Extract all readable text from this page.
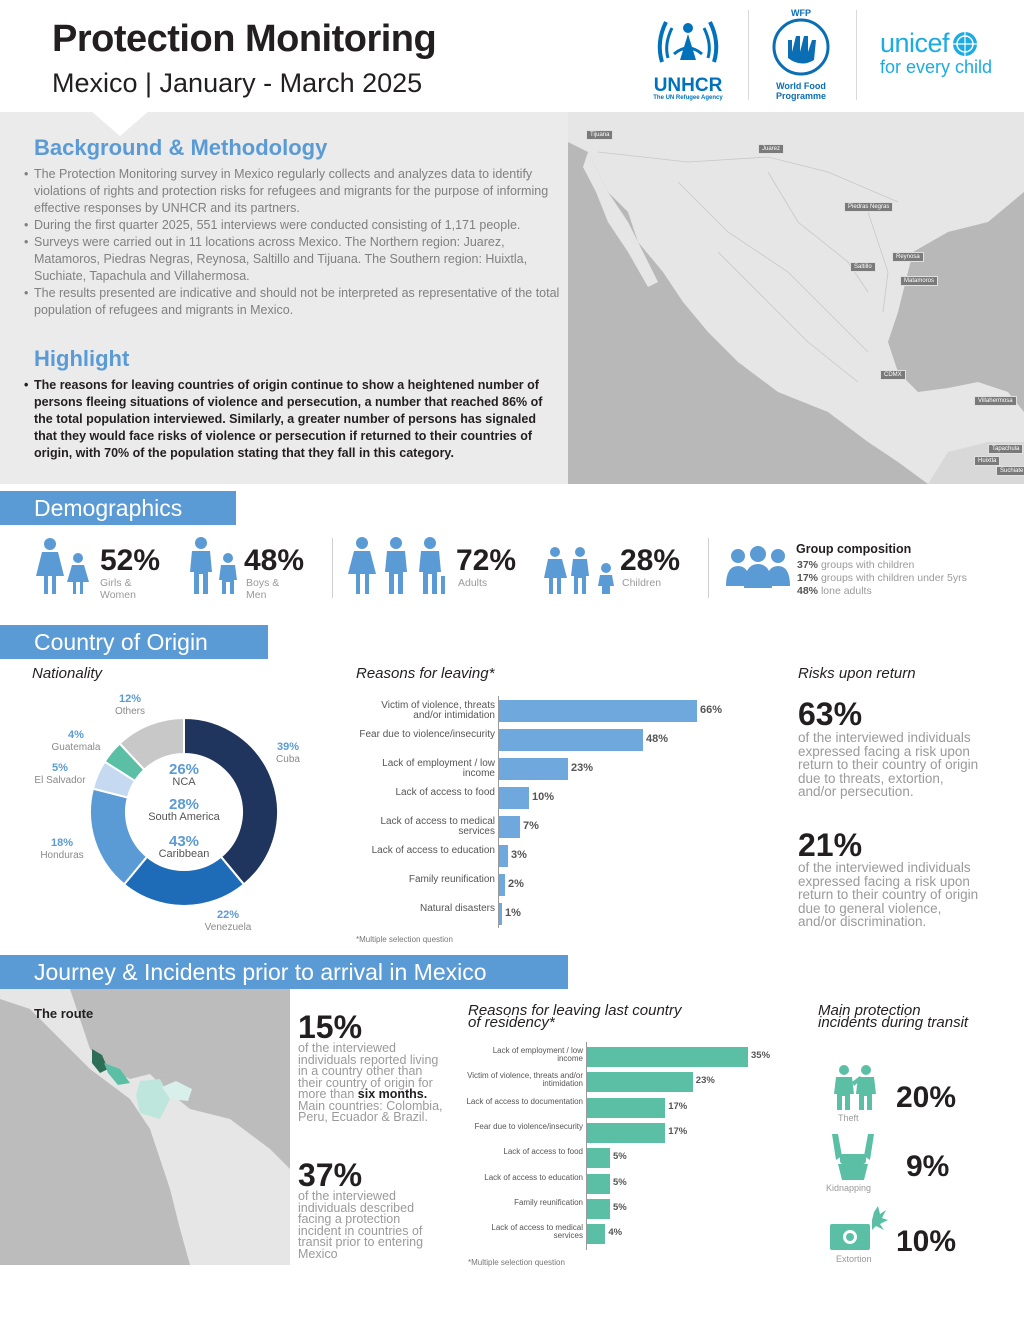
Protection Monitoring
Mexico | January - March 2025	UNHCR
The UN Refugee Agency
WFP
World Food
Programme
unicef
for every child
Background & Methodology
• The Protection Monitoring survey in Mexico regularly collects and analyzes data to identify violations of rights and protection risks for refugees and migrants for the purpose of informing effective responses by UNHCR and its partners.
• During the first quarter 2025, 551 interviews were conducted consisting of 1,171 people.
• Surveys were carried out in 11 locations across Mexico. The Northern region: Juarez, Matamoros, Piedras Negras, Reynosa, Saltillo and Tijuana. The Southern region: Huixtla, Suchiate, Tapachula and Villahermosa.
• The results presented are indicative and should not be interpreted as representative of the total population of refugees and migrants in Mexico.
Highlight
• The reasons for leaving countries of origin continue to show a heightened number of persons fleeing situations of violence and persecution, a number that reached 86% of the total population interviewed. Similarly, a greater number of persons has signaled that they would face risks of violence or persecution if returned to their countries of origin, with 70% of the population stating that they fall in this category.
Tijuana
Juarez
Piedras Negras
Saltillo
Reynosa
Matamoros
CDMX
Villahermosa
Tapachula
Huixtla
Suchiate
Demographics
52%
Girls &
Women
48%
Boys &
Men
72%
Adults
28%
Children
Group composition
37% groups with children
17% groups with children under 5yrs
48% lone adults
Country of Origin
Nationality	Reasons for leaving*	Risks upon return
39%
Cuba
22%
Venezuela
18%
Honduras
5%
El Salvador
4%
Guatemala
12%
Others
26%
NCA
28%
South America
43%
Caribbean
Victim of violence, threats and/or intimidation	66%
Fear due to violence/insecurity	48%
Lack of employment / low income	23%
Lack of access to food	10%
Lack of access to medical services	7%
Lack of access to education 3%
Family reunification 2%
Natural disasters 1%
*Multiple selection question
63%
of the interviewed individuals expressed facing a risk upon return to their country of origin due to threats, extortion, and/or persecution.
21%
of the interviewed individuals expressed facing a risk upon return to their country of origin due to general violence, and/or discrimination.
Journey & Incidents prior to arrival in Mexico
The route	15%
of the interviewed individuals reported living in a country other than their country of origin for more than six months. Main countries: Colombia, Peru, Ecuador & Brazil.
37%
of the interviewed individuals described facing a protection incident in countries of transit prior to entering Mexico
Reasons for leaving last country
of residency*
Lack of employment / low income	35%
Victim of violence, threats and/or intimidation	23%
Lack of access to documentation	17%
Fear due to violence/insecurity	17%
Lack of access to food	5%
Lack of access to education	5%
Family reunification	5%
Lack of access to medical services	4%
*Multiple selection question
Main protection
incidents during transit
Theft
20%
Kidnapping
9%
Extortion
10%
